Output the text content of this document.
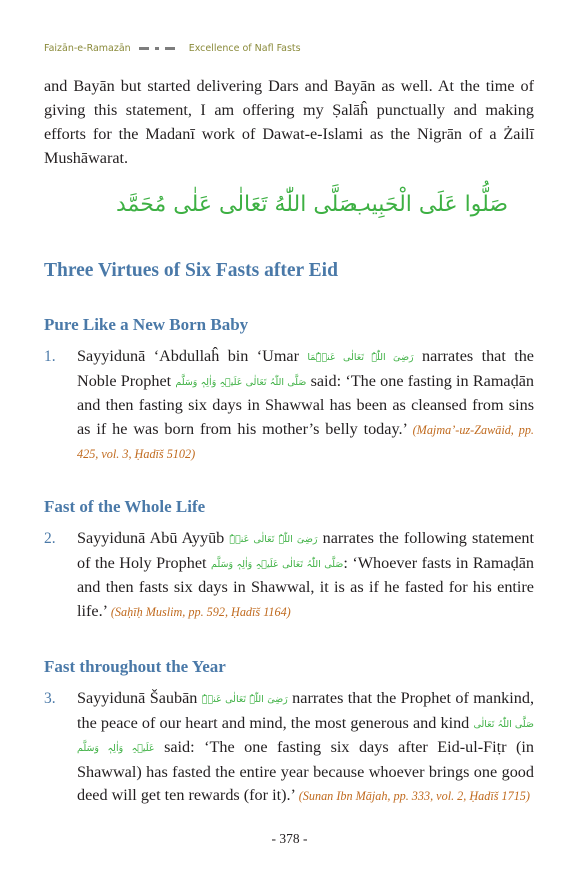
Faizān-e-Ramazān	Excellence of Nafl Fasts

and Bayān but started delivering Dars and Bayān as well. At the time of giving this statement, I am offering my Ṣalāĥ punctually and making efforts for the Madanī work of Dawat-e-Islami as the Nigrān of a Żailī Mushāwarat.

صَلُّوا عَلَى الْحَبِيب
صَلَّى اللّٰهُ تَعَالٰى عَلٰى مُحَمَّد
Three Virtues of Six Fasts after Eid
Pure Like a New Born Baby
1. Sayyidunā ‘Abdullaĥ bin ‘Umar رَضِیَ اللّٰہُ تَعَالٰی عَنۡہُمَا narrates that the Noble Prophet صَلَّی اللّٰہُ تَعَالٰی عَلَیۡہِ وَاٰلِہٖ وَسَلَّم said: ‘The one fasting in Ramaḍān and then fasting six days in Shawwal has been as cleansed from sins as if he was born from his mother’s belly today.’ (Majma’-uz-Zawāid, pp. 425, vol. 3, Ḥadīš 5102)

Fast of the Whole Life
2. Sayyidunā Abū Ayyūb رَضِیَ اللّٰہُ تَعَالٰی عَنۡہُ narrates the following statement of the Holy Prophet صَلَّی اللّٰہُ تَعَالٰی عَلَیۡہِ وَاٰلِہٖ وَسَلَّم: ‘Whoever fasts in Ramaḍān and then fasts six days in Shawwal, it is as if he fasted for his entire life.’ (Saḥīḥ Muslim, pp. 592, Ḥadīš 1164)

Fast throughout the Year
3. Sayyidunā Šaubān رَضِیَ اللّٰہُ تَعَالٰی عَنۡہُ narrates that the Prophet of mankind, the peace of our heart and mind, the most generous and kind صَلَّی اللّٰہُ تَعَالٰی عَلَیۡہِ وَاٰلِہٖ وَسَلَّم said: ‘The one fasting six days after Eid-ul-Fiṭr (in Shawwal) has fasted the entire year because whoever brings one good deed will get ten rewards (for it).’ (Sunan Ibn Mājah, pp. 333, vol. 2, Ḥadīš 1715)

- 378 -
